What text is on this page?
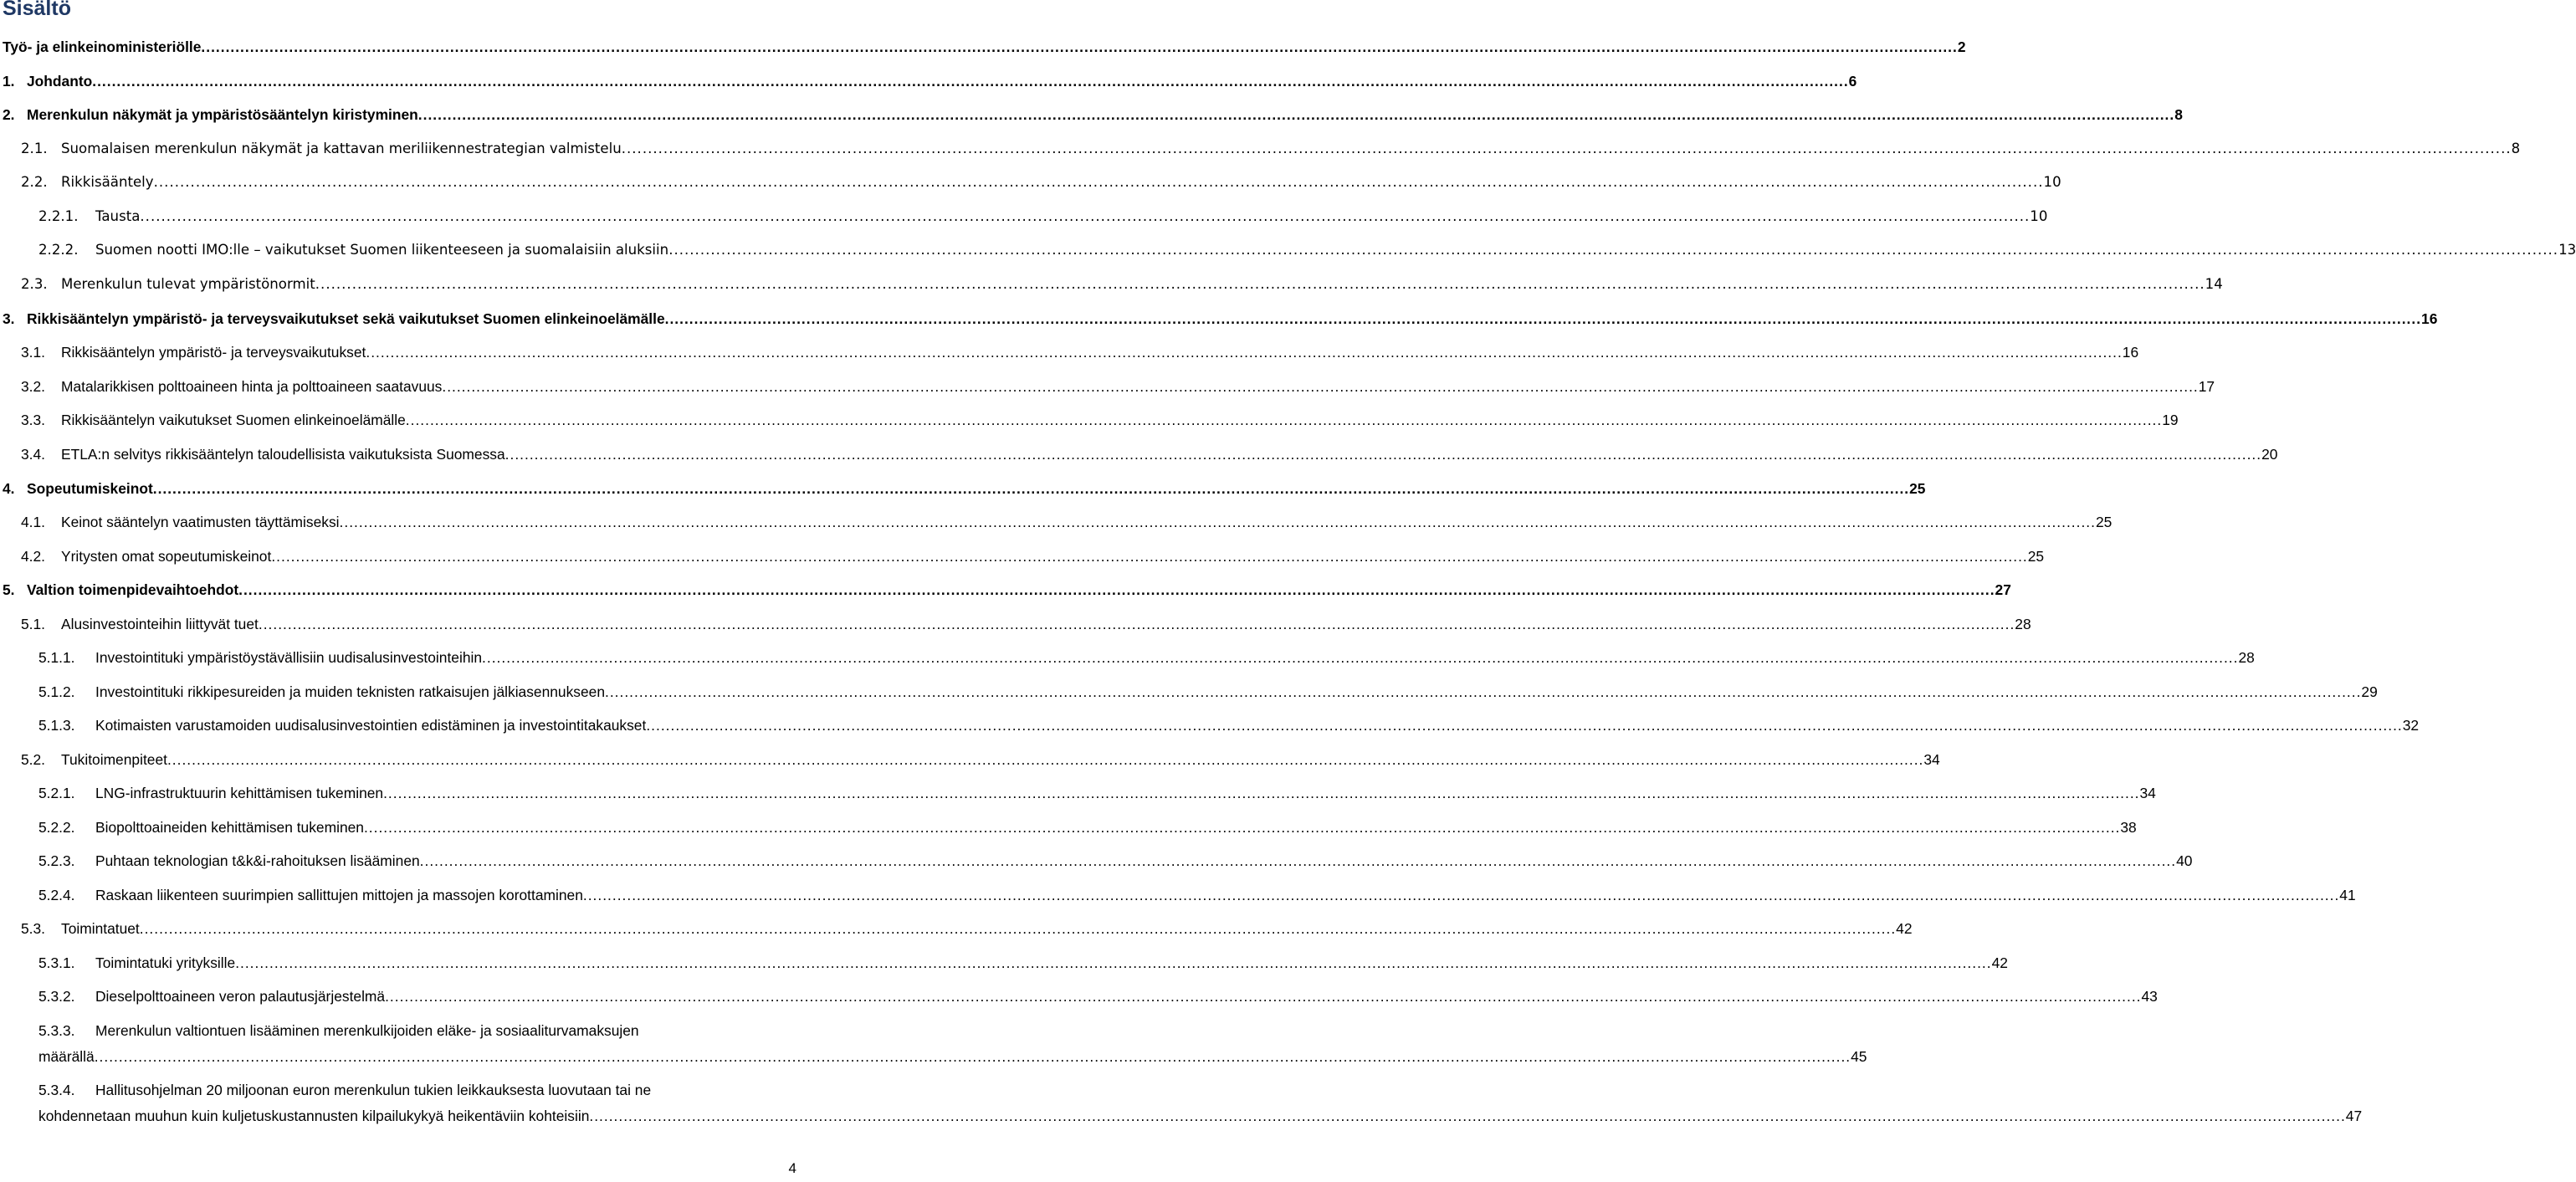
Sisältö
Työ- ja elinkeinoministeriölle .....	2
1. Johdanto .....	6
2. Merenkulun näkymät ja ympäristösääntelyn kiristyminen .....	8
2.1. Suomalaisen merenkulun näkymät ja kattavan meriliikennestrategian valmistelu .....	8
2.2. Rikkisääntely .....	10
2.2.1. Tausta .....	10
2.2.2. Suomen nootti IMO:lle – vaikutukset Suomen liikenteeseen ja suomalaisiin aluksiin .....	13
2.3. Merenkulun tulevat ympäristönormit .....	14
3. Rikkisääntelyn ympäristö- ja terveysvaikutukset sekä vaikutukset Suomen elinkeinoelämälle .....	16
3.1. Rikkisääntelyn ympäristö- ja terveysvaikutukset .....	16
3.2. Matalarikkisen polttoaineen hinta ja polttoaineen saatavuus .....	17
3.3. Rikkisääntelyn vaikutukset Suomen elinkeinoelämälle .....	19
3.4. ETLA:n selvitys rikkisääntelyn taloudellisista vaikutuksista Suomessa .....	20
4. Sopeutumiskeinot .....	25
4.1. Keinot sääntelyn vaatimusten täyttämiseksi .....	25
4.2. Yritysten omat sopeutumiskeinot .....	25
5. Valtion toimenpidevaihtoehdot .....	27
5.1. Alusinvestointeihin liittyvät tuet .....	28
5.1.1. Investointituki ympäristöystävällisiin uudisalusinvestointeihin .....	28
5.1.2. Investointituki rikkipesureiden ja muiden teknisten ratkaisujen jälkiasennukseen .....	29
5.1.3. Kotimaisten varustamoiden uudisalusinvestointien edistäminen ja investointitakaukset .....	32
5.2. Tukitoimenpiteet .....	34
5.2.1. LNG-infrastruktuurin kehittämisen tukeminen .....	34
5.2.2. Biopolttoaineiden kehittämisen tukeminen .....	38
5.2.3. Puhtaan teknologian t&k&i-rahoituksen lisääminen .....	40
5.2.4. Raskaan liikenteen suurimpien sallittujen mittojen ja massojen korottaminen .....	41
5.3. Toimintatuet .....	42
5.3.1. Toimintatuki yrityksille .....	42
5.3.2. Dieselpolttoaineen veron palautusjärjestelmä .....	43
5.3.3. Merenkulun valtiontuen lisääminen merenkulkijoiden eläke- ja sosiaaliturvamaksujen
määrällä .....	45
5.3.4. Hallitusohjelman 20 miljoonan euron merenkulun tukien leikkauksesta luovutaan tai ne
kohdennetaan muuhun kuin kuljetuskustannusten kilpailukykyä heikentäviin kohteisiin .....	47
4
